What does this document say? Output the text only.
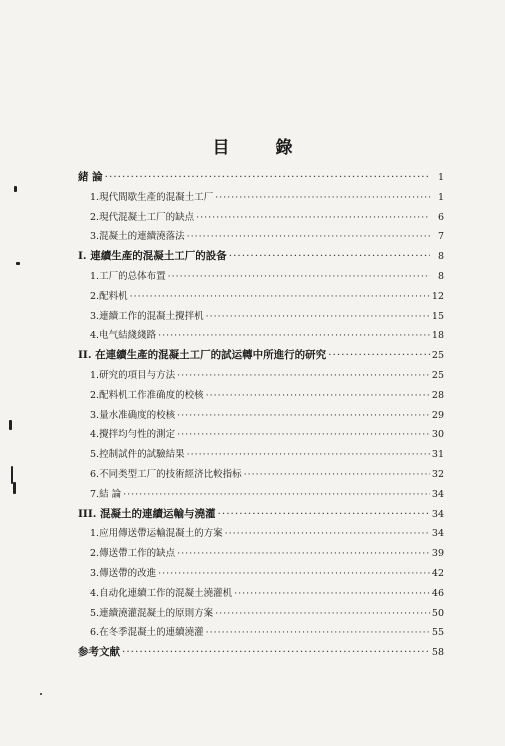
目 錄
緒 論 ·····	1
1.現代間歇生產的混凝土工厂 ·····	1
2.現代混凝土工厂的缺点 ·····	6
3.混凝土的連續澆落法 ·····	7
I. 連續生產的混凝土工厂的設备 ·····	8
1.工厂的总体布置 ·····	8
2.配料机 ·····	12
3.連續工作的混凝土攪拌机 ·····	15
4.电气結綫綫路 ·····	18
II. 在連續生產的混凝土工厂的試运轉中所進行的研究 ·····	25
1.研究的項目与方法 ·····	25
2.配料机工作准确度的校核 ·····	28
3.量水准确度的校核 ·····	29
4.攪拌均勻性的測定 ·····	30
5.控制試件的試驗結果 ·····	31
6.不同类型工厂的技術經济比較指标 ·····	32
7.結 論 ·····	34
III. 混凝土的連續运輸与澆灌 ·····	34
1.应用傳送帶运輸混凝土的方案 ·····	34
2.傳送帶工作的缺点 ·····	39
3.傳送帶的改進 ·····	42
4.自动化連續工作的混凝土澆灌机 ·····	46
5.連續澆灌混凝土的原則方案 ·····	50
6.在冬季混凝土的連續澆灌 ·····	55
参考文献 ·····	58
